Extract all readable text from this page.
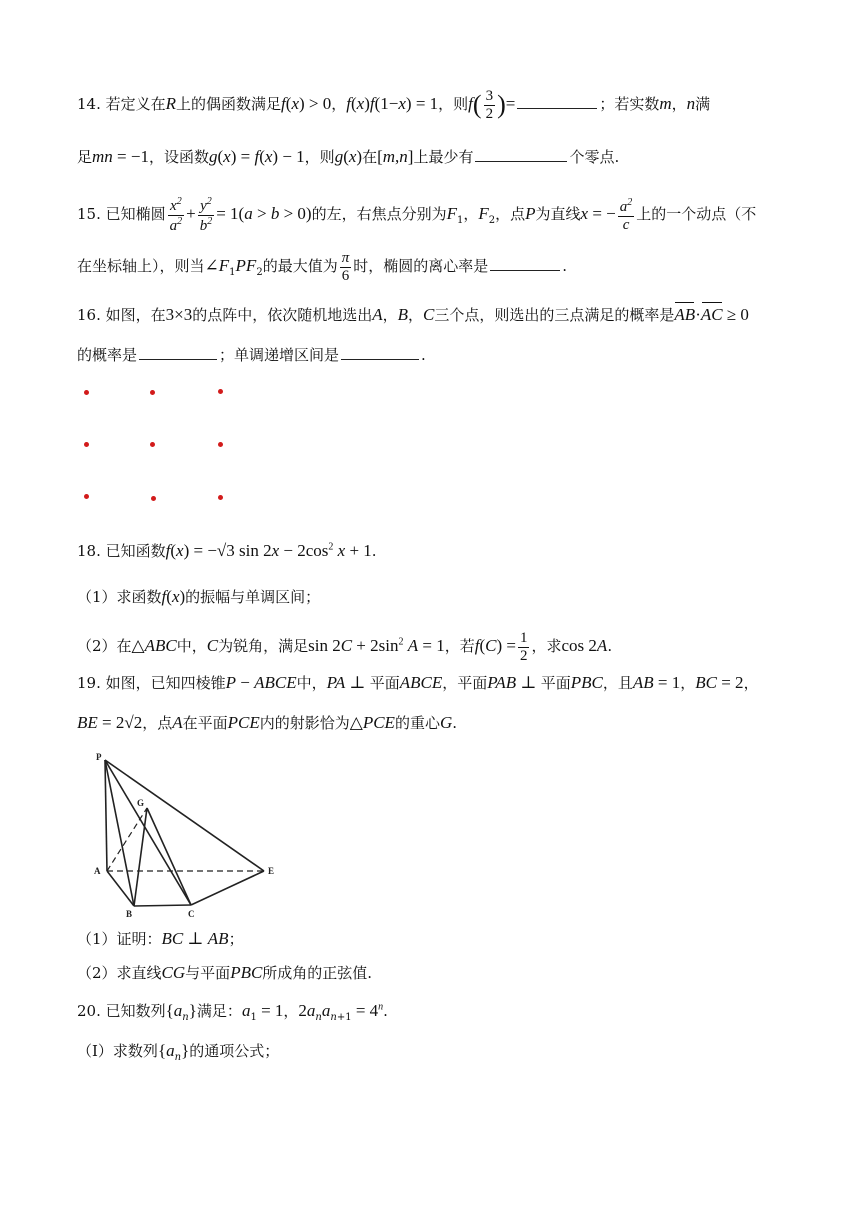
14. 若定义在R上的偶函数满足f(x) > 0，f(x)f(1−x) = 1，则$f( \frac{3}{2}$ )=	；若实数m，n满
足mn = −1，设函数g(x) = f(x) − 1，则g(x)在[m,n]上最少有	个零点.
15. 已知椭圆 $\frac{x^2}{a^2} + \frac{y^2}{b^2} = 1(a > b > 0)$的左，右焦点分别为$F_1$，$F_2$，点P为直线x = − $\frac{a^2}{c}$ 上的一个动点（不
在坐标轴上），则当$\angle F_1PF_2$的最大值为 $\frac{\pi}{6}$ 时，椭圆的离心率是	.
16. 如图，在3×3的点阵中，依次随机地选出A，B，C三个点，则选出的三点满足的概率是AB·AC ≥ 0
的概率是	；单调递增区间是	.
18. 已知函数f(x) = −√3 $\sin 2x - 2\cos^2$ x + 1.
（1）求函数f(x)的振幅与单调区间；
（2）在△ABC中，C为锐角，满足$\sin 2C + 2\sin^2$ A = 1，若$f(C) = \frac{1}{2}$ ，求cos 2A.
19. 如图，已知四棱锥P − ABCE中，PA ⊥ 平面ABCE，平面PAB ⊥ 平面PBC，且AB = 1，BC = 2，
BE = 2√2，点A在平面PCE内的射影恰为△PCE的重心G.
P
G
A	E
B	C
（1）证明：BC ⊥ AB；
（2）求直线CG与平面PBC所成角的正弦值.
20. 已知数列$\{a_n\}$满足：$a_1 = 1$，$2a_na_{n+1} = 4^n$.
（Ⅰ）求数列$\{a_n\}$的通项公式；
